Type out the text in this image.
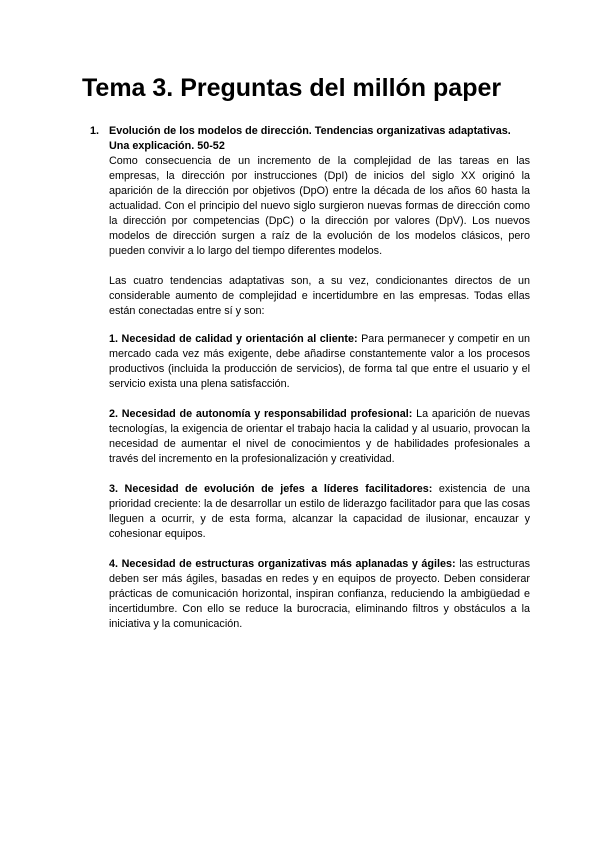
Tema 3. Preguntas del millón paper
1. Evolución de los modelos de dirección. Tendencias organizativas adaptativas. Una explicación. 50-52

Como consecuencia de un incremento de la complejidad de las tareas en las empresas, la dirección por instrucciones (DpI) de inicios del siglo XX originó la aparición de la dirección por objetivos (DpO) entre la década de los años 60 hasta la actualidad. Con el principio del nuevo siglo surgieron nuevas formas de dirección como la dirección por competencias (DpC) o la dirección por valores (DpV). Los nuevos modelos de dirección surgen a raíz de la evolución de los modelos clásicos, pero pueden convivir a lo largo del tiempo diferentes modelos.

Las cuatro tendencias adaptativas son, a su vez, condicionantes directos de un considerable aumento de complejidad e incertidumbre en las empresas. Todas ellas están conectadas entre sí y son:

1. Necesidad de calidad y orientación al cliente: Para permanecer y competir en un mercado cada vez más exigente, debe añadirse constantemente valor a los procesos productivos (incluida la producción de servicios), de forma tal que entre el usuario y el servicio exista una plena satisfacción.

2. Necesidad de autonomía y responsabilidad profesional: La aparición de nuevas tecnologías, la exigencia de orientar el trabajo hacia la calidad y al usuario, provocan la necesidad de aumentar el nivel de conocimientos y de habilidades profesionales a través del incremento en la profesionalización y creatividad.

3. Necesidad de evolución de jefes a líderes facilitadores: existencia de una prioridad creciente: la de desarrollar un estilo de liderazgo facilitador para que las cosas lleguen a ocurrir, y de esta forma, alcanzar la capacidad de ilusionar, encauzar y cohesionar equipos.

4. Necesidad de estructuras organizativas más aplanadas y ágiles: las estructuras deben ser más ágiles, basadas en redes y en equipos de proyecto. Deben considerar prácticas de comunicación horizontal, inspiran confianza, reduciendo la ambigüedad e incertidumbre. Con ello se reduce la burocracia, eliminando filtros y obstáculos a la iniciativa y la comunicación.
